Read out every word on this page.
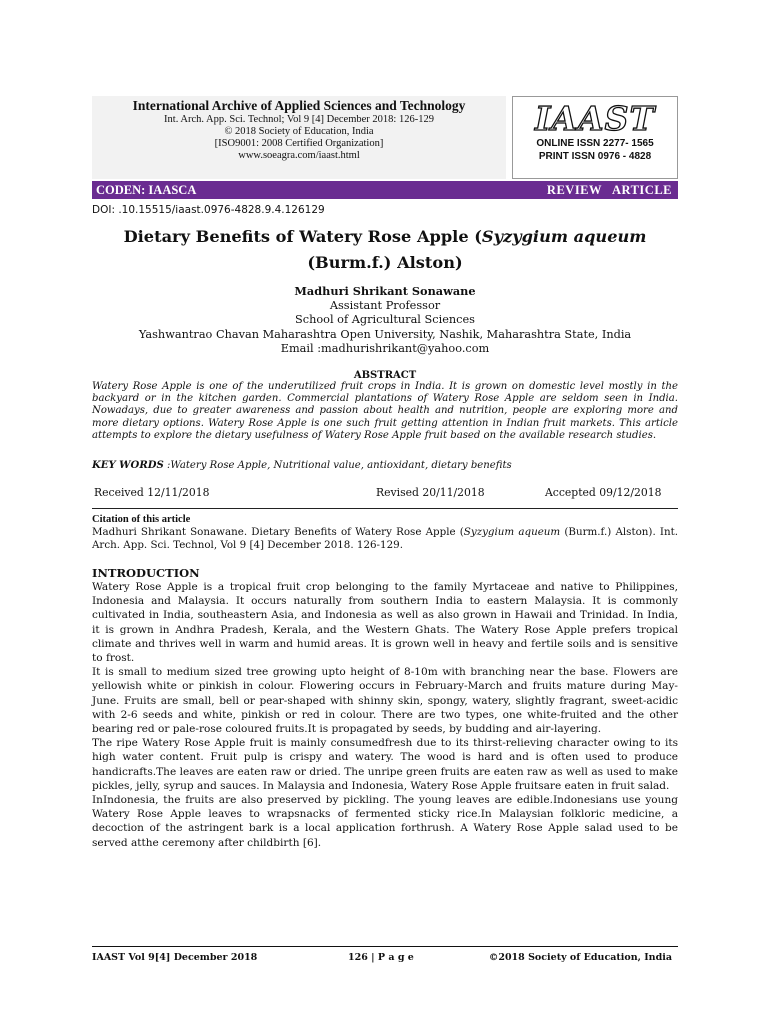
International Archive of Applied Sciences and Technology
Int. Arch. App. Sci. Technol; Vol 9 [4] December 2018: 126-129
© 2018 Society of Education, India
[ISO9001: 2008 Certified Organization]
www.soeagra.com/iaast.html
IAAST
ONLINE ISSN 2277- 1565
PRINT ISSN 0976 - 4828
CODEN: IAASCA	REVIEW   ARTICLE
DOI: .10.15515/iaast.0976-4828.9.4.126129
Dietary Benefits of Watery Rose Apple (Syzygium aqueum
(Burm.f.) Alston)
Madhuri Shrikant Sonawane
Assistant Professor
School of Agricultural Sciences
Yashwantrao Chavan Maharashtra Open University, Nashik, Maharashtra State, India
Email :madhurishrikant@yahoo.com
ABSTRACT
Watery Rose Apple is one of the underutilized fruit crops in India. It is grown on domestic level mostly in the backyard or in the kitchen garden. Commercial plantations of Watery Rose Apple are seldom seen in India. Nowadays, due to greater awareness and passion about health and nutrition, people are exploring more and more dietary options. Watery Rose Apple is one such fruit getting attention in Indian fruit markets. This article attempts to explore the dietary usefulness of Watery Rose Apple fruit based on the available research studies.
KEY WORDS :Watery Rose Apple, Nutritional value, antioxidant, dietary benefits
Received 12/11/2018	Revised 20/11/2018	Accepted 09/12/2018
Citation of this article
Madhuri Shrikant Sonawane. Dietary Benefits of Watery Rose Apple (Syzygium aqueum (Burm.f.) Alston). Int. Arch. App. Sci. Technol, Vol 9 [4] December 2018. 126-129.
INTRODUCTION

Watery Rose Apple is a tropical fruit crop belonging to the family Myrtaceae and native to Philippines, Indonesia and Malaysia. It occurs naturally from southern India to eastern Malaysia. It is commonly cultivated in India, southeastern Asia, and Indonesia as well as also grown in Hawaii and Trinidad. In India, it is grown in Andhra Pradesh, Kerala, and the Western Ghats. The Watery Rose Apple prefers tropical climate and thrives well in warm and humid areas. It is grown well in heavy and fertile soils and is sensitive to frost.

It is small to medium sized tree growing upto height of 8-10m with branching near the base. Flowers are yellowish white or pinkish in colour. Flowering occurs in February-March and fruits mature during May-June. Fruits are small, bell or pear-shaped with shinny skin, spongy, watery, slightly fragrant, sweet-acidic with 2-6 seeds and white, pinkish or red in colour. There are two types, one white-fruited and the other bearing red or pale-rose coloured fruits.It is propagated by seeds, by budding and air-layering.

The ripe Watery Rose Apple fruit is mainly consumedfresh due to its thirst-relieving character owing to its high water content. Fruit pulp is crispy and watery. The wood is hard and is often used to produce handicrafts.The leaves are eaten raw or dried. The unripe green fruits are eaten raw as well as used to make pickles, jelly, syrup and sauces. In Malaysia and Indonesia, Watery Rose Apple fruitsare eaten in fruit salad.

InIndonesia, the fruits are also preserved by pickling. The young leaves are edible.Indonesians use young Watery Rose Apple leaves to wrapsnacks of fermented sticky rice.In Malaysian folkloric medicine, a decoction of the astringent bark is a local application forthrush. A Watery Rose Apple salad used to be served atthe ceremony after childbirth [6].

IAAST Vol 9[4] December 2018	126 | P a g e	©2018 Society of Education, India
